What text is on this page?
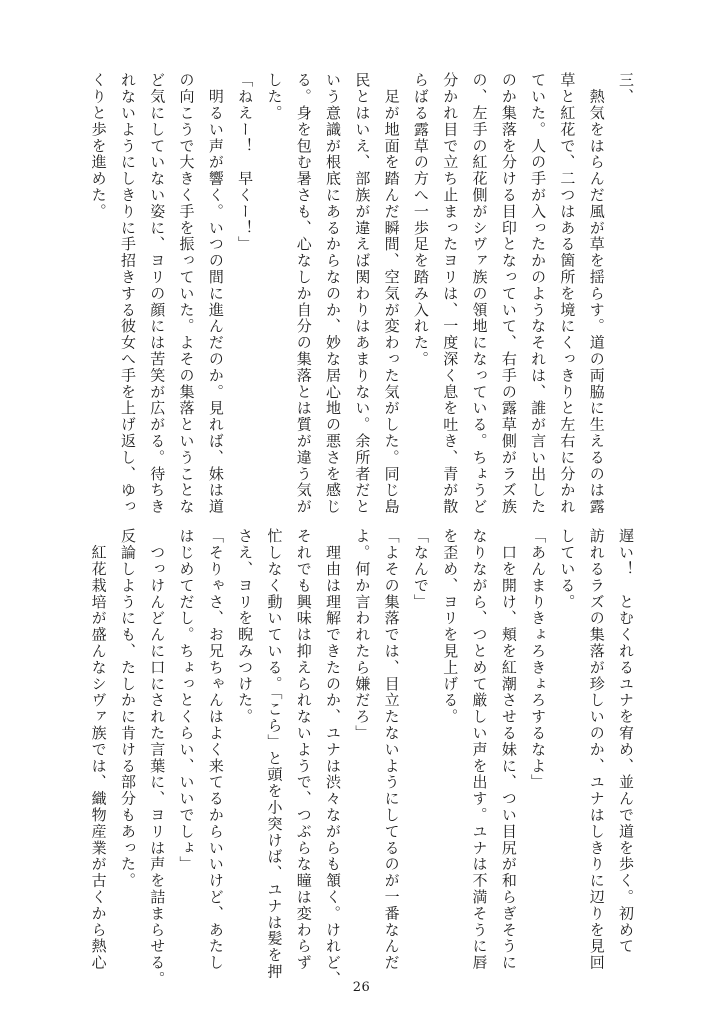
三、
　熱気をはらんだ風が草を揺らす。道の両脇に生えるのは露
草と紅花で、二つはある箇所を境にくっきりと左右に分かれ
ていた。人の手が入ったかのようなそれは、誰が言い出した
のか集落を分ける目印となっていて、右手の露草側がラズ族
の、左手の紅花側がシヴァ族の領地になっている。ちょうど
分かれ目で立ち止まったヨリは、一度深く息を吐き、青が散
らばる露草の方へ一歩足を踏み入れた。
　足が地面を踏んだ瞬間、空気が変わった気がした。同じ島
民とはいえ、部族が違えば関わりはあまりない。余所者だと
いう意識が根底にあるからなのか、妙な居心地の悪さを感じ
る。身を包む暑さも、心なしか自分の集落とは質が違う気が
した。
「ねえー！　早くー！」
　明るい声が響く。いつの間に進んだのか。見れば、妹は道
の向こうで大きく手を振っていた。よその集落ということな
ど気にしていない姿に、ヨリの顔には苦笑が広がる。待ちき
れないようにしきりに手招きする彼女へ手を上げ返し、ゆっ
くりと歩を進めた。
遅い！　とむくれるユナを宥め、並んで道を歩く。初めて
訪れるラズの集落が珍しいのか、ユナはしきりに辺りを見回
している。
「あんまりきょろきょろするなよ」
　口を開け、頬を紅潮させる妹に、つい目尻が和らぎそうに
なりながら、つとめて厳しい声を出す。ユナは不満そうに唇
を歪め、ヨリを見上げる。
「なんで」
「よその集落では、目立たないようにしてるのが一番なんだ
よ。何か言われたら嫌だろ」
　理由は理解できたのか、ユナは渋々ながらも頷く。けれど、
それでも興味は抑えられないようで、つぶらな瞳は変わらず
忙しなく動いている。「こら」と頭を小突けば、ユナは髪を押
さえ、ヨリを睨みつけた。
「そりゃさ、お兄ちゃんはよく来てるからいいけど、あたし
はじめてだし。ちょっとくらい、いいでしょ」
　つっけんどんに口にされた言葉に、ヨリは声を詰まらせる。
反論しようにも、たしかに肯ける部分もあった。
　紅花栽培が盛んなシヴァ族では、織物産業が古くから熱心
26
